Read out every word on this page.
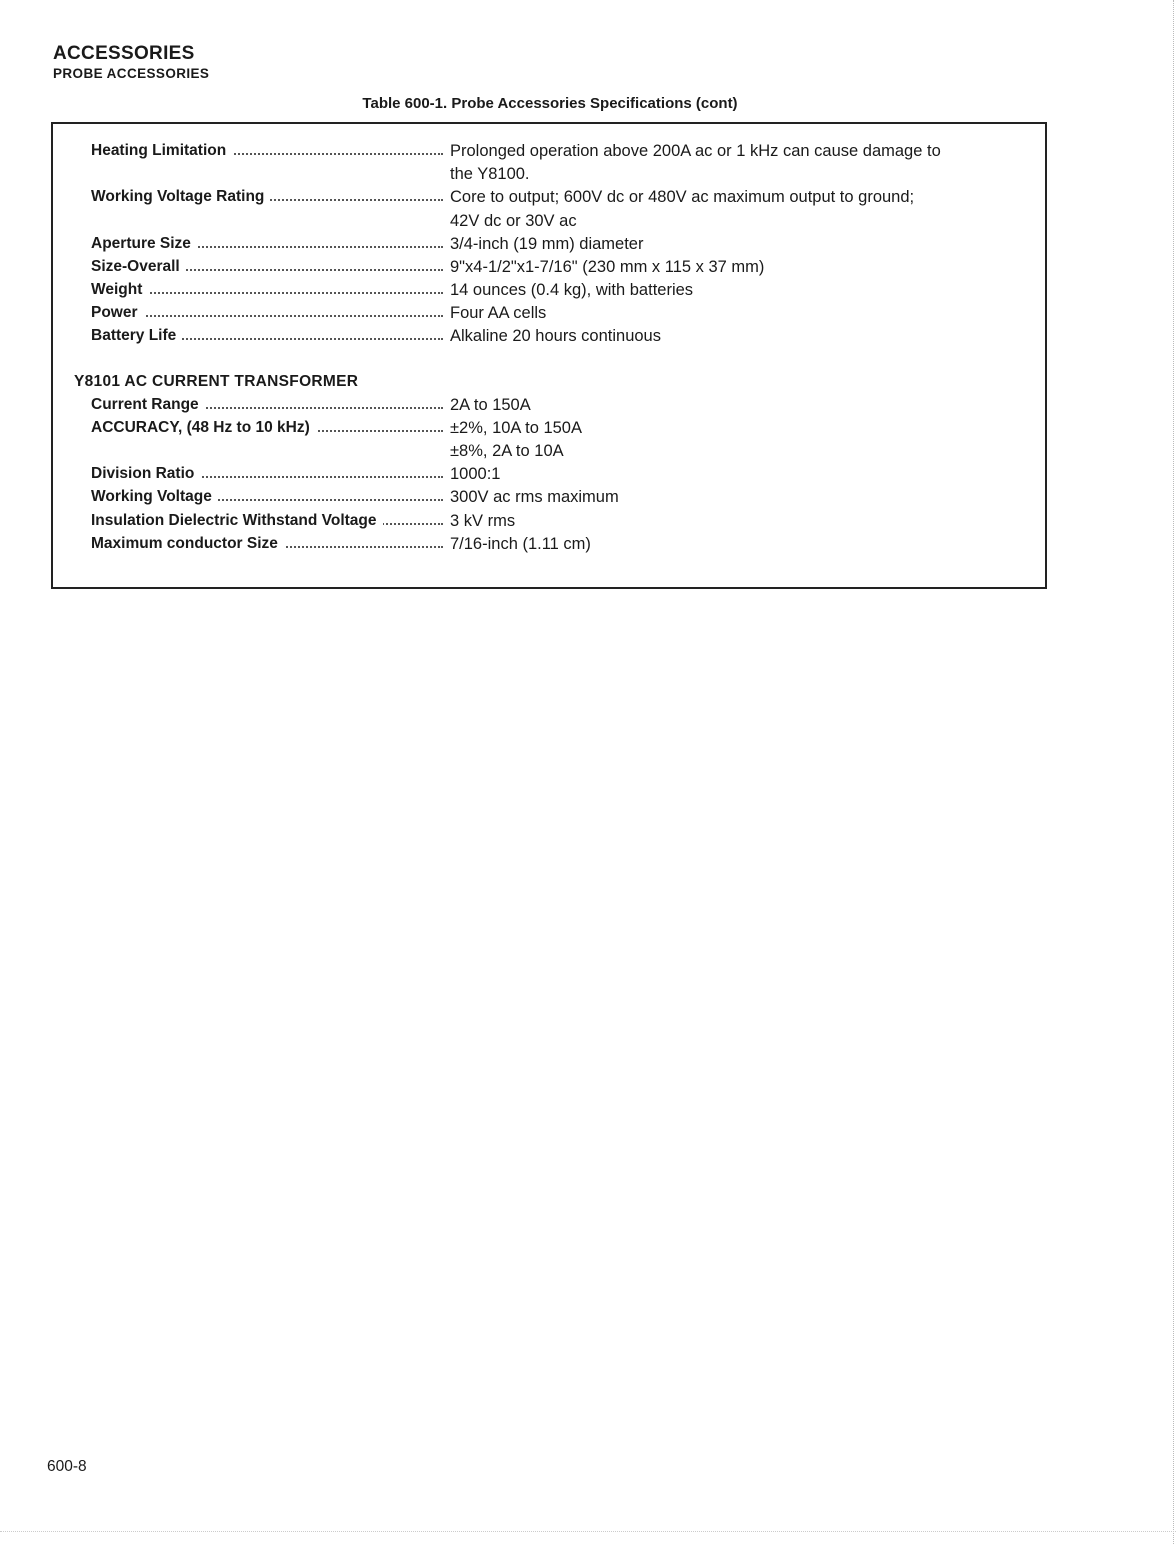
ACCESSORIES
PROBE ACCESSORIES
Table 600-1. Probe Accessories Specifications (cont)
Heating Limitation	Prolonged operation above 200A ac or 1 kHz can cause damage to
the Y8100.
Working Voltage Rating	Core to output; 600V dc or 480V ac maximum output to ground;
42V dc or 30V ac
Aperture Size	3/4-inch (19 mm) diameter
Size-Overall	9"x4-1/2"x1-7/16" (230 mm x 115 x 37 mm)
Weight	14 ounces (0.4 kg), with batteries
Power	Four AA cells
Battery Life	Alkaline 20 hours continuous
Y8101 AC CURRENT TRANSFORMER
Current Range	2A to 150A
ACCURACY, (48 Hz to 10 kHz)	±2%, 10A to 150A
±8%, 2A to 10A
Division Ratio	1000:1
Working Voltage	300V ac rms maximum
Insulation Dielectric Withstand Voltage	3 kV rms
Maximum conductor Size	7/16-inch (1.11 cm)
600-8
